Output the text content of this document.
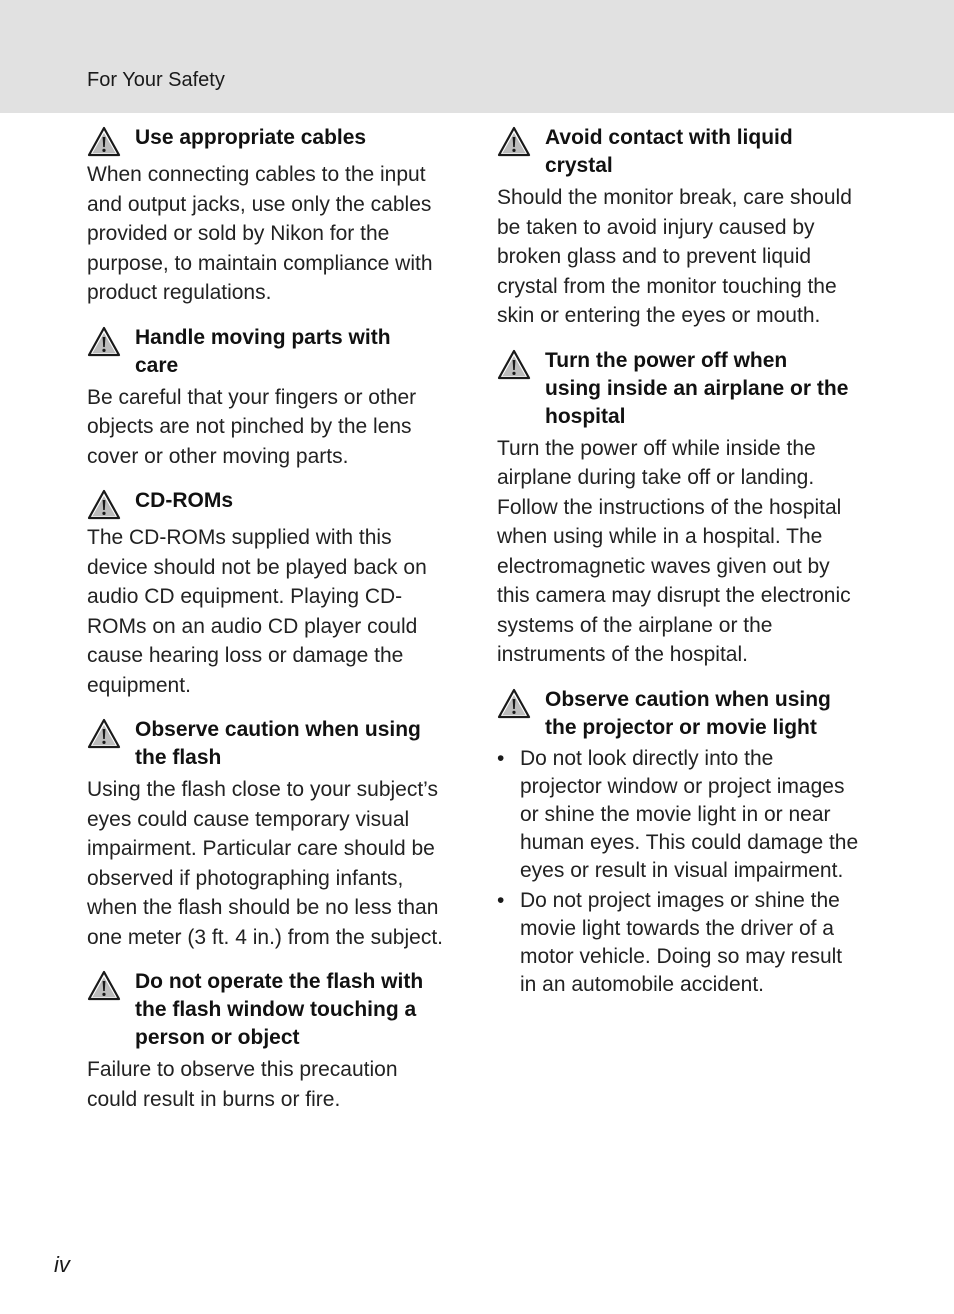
For Your Safety
Use appropriate cables
When connecting cables to the input
and output jacks, use only the cables
provided or sold by Nikon for the
purpose, to maintain compliance with
product regulations.
Handle moving parts with
care
Be careful that your fingers or other
objects are not pinched by the lens
cover or other moving parts.
CD-ROMs
The CD-ROMs supplied with this
device should not be played back on
audio CD equipment. Playing CD-
ROMs on an audio CD player could
cause hearing loss or damage the
equipment.
Observe caution when using
the flash
Using the flash close to your subject’s
eyes could cause temporary visual
impairment. Particular care should be
observed if photographing infants,
when the flash should be no less than
one meter (3 ft. 4 in.) from the subject.
Do not operate the flash with
the flash window touching a
person or object
Failure to observe this precaution
could result in burns or fire.
Avoid contact with liquid
crystal
Should the monitor break, care should
be taken to avoid injury caused by
broken glass and to prevent liquid
crystal from the monitor touching the
skin or entering the eyes or mouth.
Turn the power off when
using inside an airplane or the
hospital
Turn the power off while inside the
airplane during take off or landing.
Follow the instructions of the hospital
when using while in a hospital. The
electromagnetic waves given out by
this camera may disrupt the electronic
systems of the airplane or the
instruments of the hospital.
Observe caution when using
the projector or movie light
• Do not look directly into the
projector window or project images
or shine the movie light in or near
human eyes. This could damage the
eyes or result in visual impairment.
• Do not project images or shine the
movie light towards the driver of a
motor vehicle. Doing so may result
in an automobile accident.
iv
